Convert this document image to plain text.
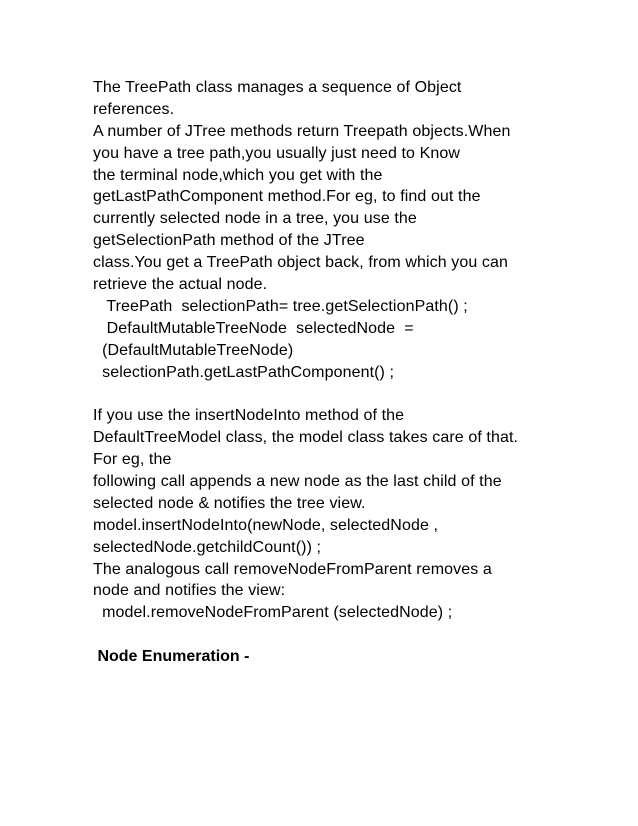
The TreePath class manages a sequence of Object
references.
A number of JTree methods return Treepath objects.When
you have a tree path,you usually just need to Know
the terminal node,which you get with the
getLastPathComponent method.For eg, to find out the
currently selected node in a tree, you use the
getSelectionPath method of the JTree
class.You get a TreePath object back, from which you can
retrieve the actual node.
TreePath  selectionPath= tree.getSelectionPath() ;
DefaultMutableTreeNode  selectedNode  =
(DefaultMutableTreeNode)
selectionPath.getLastPathComponent() ;
If you use the insertNodeInto method of the
DefaultTreeModel class, the model class takes care of that.
For eg, the
following call appends a new node as the last child of the
selected node & notifies the tree view.
model.insertNodeInto(newNode, selectedNode ,
selectedNode.getchildCount()) ;
The analogous call removeNodeFromParent removes a
node and notifies the view:
model.removeNodeFromParent (selectedNode) ;
Node Enumeration -
